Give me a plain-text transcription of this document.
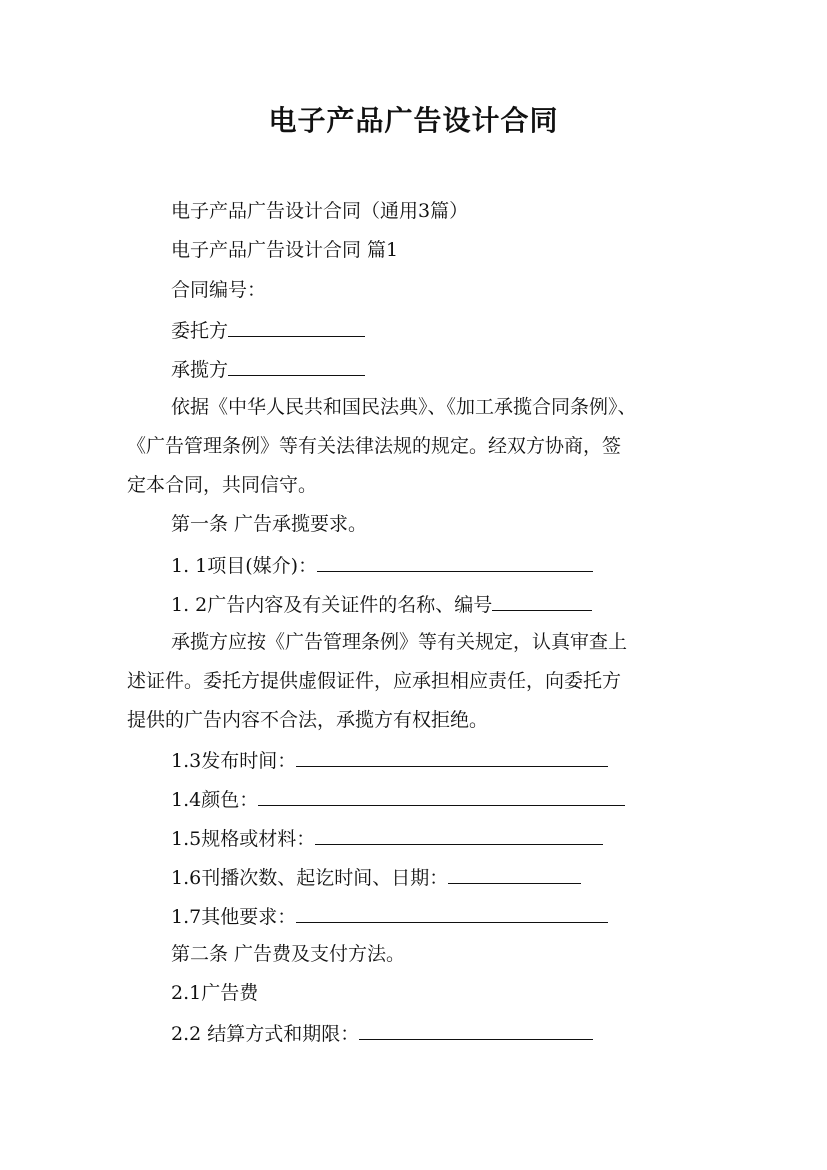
电子产品广告设计合同

电子产品广告设计合同（通用3篇）

电子产品广告设计合同 篇1

合同编号：

委托方

承揽方

依据《中华人民共和国民法典》、《加工承揽合同条例》、

《广告管理条例》等有关法律法规的规定。经双方协商，签

定本合同，共同信守。

第一条 广告承揽要求。

1. 1项目(媒介)：

1. 2广告内容及有关证件的名称、编号

承揽方应按《广告管理条例》等有关规定，认真审查上

述证件。委托方提供虚假证件，应承担相应责任，向委托方

提供的广告内容不合法，承揽方有权拒绝。

1.3发布时间：

1.4颜色：

1.5规格或材料：

1.6刊播次数、起讫时间、日期：

1.7其他要求：

第二条 广告费及支付方法。

2.1广告费

2.2 结算方式和期限：
